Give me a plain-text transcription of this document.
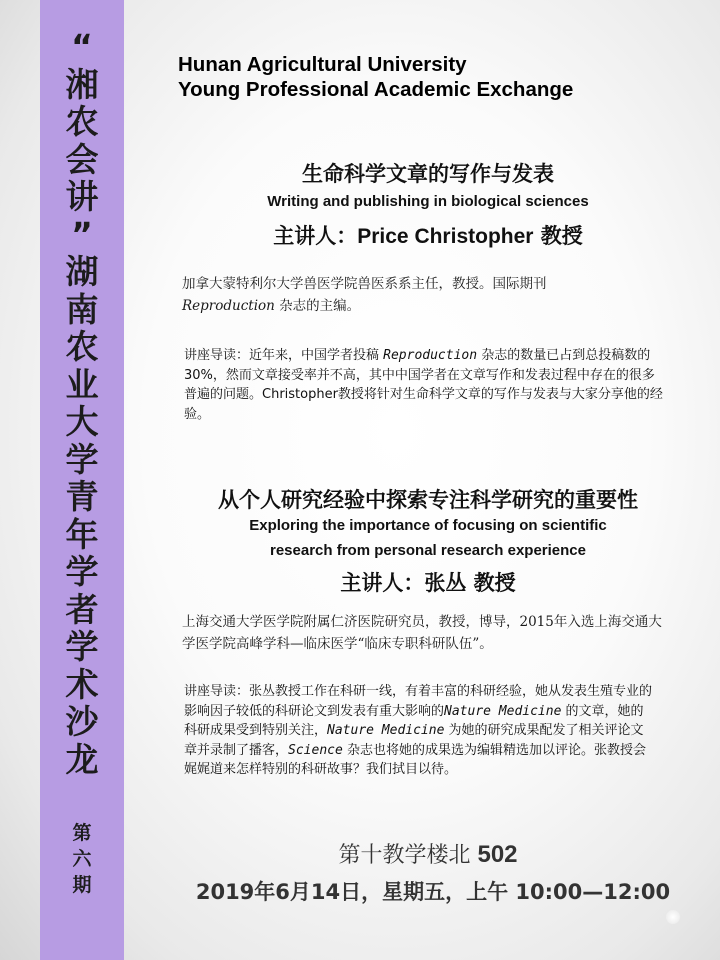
“
湘
农
会
讲
”
湖
南
农
业
大
学
青
年
学
者
学
术
沙
龙
第
六
期
Hunan Agricultural University
Young Professional Academic Exchange
生命科学文章的写作与发表
Writing and publishing in biological sciences
主讲人：Price Christopher 教授
加拿大蒙特利尔大学兽医学院兽医系系主任，教授。国际期刊
Reproduction 杂志的主编。
讲座导读：近年来，中国学者投稿 Reproduction 杂志的数量已占到总投稿数的30%，然而文章接受率并不高，其中中国学者在文章写作和发表过程中存在的很多普遍的问题。Christopher教授将针对生命科学文章的写作与发表与大家分享他的经验。
从个人研究经验中探索专注科学研究的重要性
Exploring the importance of focusing on scientific
research from personal research experience
主讲人：张丛 教授
上海交通大学医学院附属仁济医院研究员，教授，博导，2015年入选上海交通大学医学院高峰学科—临床医学“临床专职科研队伍”。
讲座导读：张丛教授工作在科研一线，有着丰富的科研经验，她从发表生殖专业的影响因子较低的科研论文到发表有重大影响的Nature Medicine 的文章，她的科研成果受到特别关注，Nature Medicine 为她的研究成果配发了相关评论文章并录制了播客，Science 杂志也将她的成果选为编辑精选加以评论。张教授会娓娓道来怎样特别的科研故事？我们拭目以待。
第十教学楼北 502
2019年6月14日，星期五，上午 10:00—12:00
